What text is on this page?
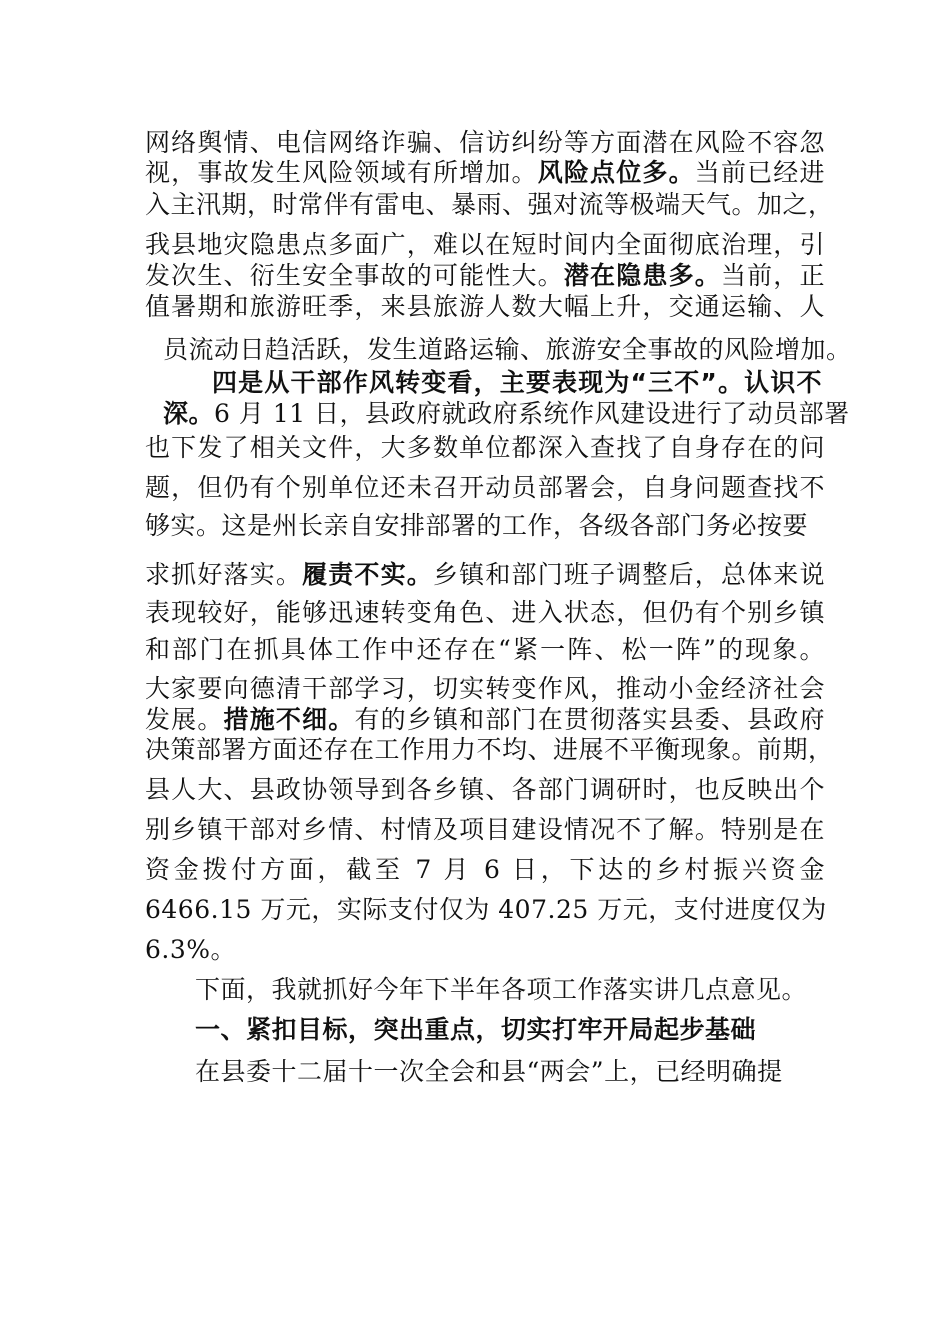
网络舆情、电信网络诈骗、信访纠纷等方面潜在风险不容忽
视，事故发生风险领域有所增加。风险点位多。当前已经进
入主汛期，时常伴有雷电、暴雨、强对流等极端天气。加之，
我县地灾隐患点多面广，难以在短时间内全面彻底治理，引
发次生、衍生安全事故的可能性大。潜在隐患多。当前，正
值暑期和旅游旺季，来县旅游人数大幅上升，交通运输、人
员流动日趋活跃，发生道路运输、旅游安全事故的风险增加。
四是从干部作风转变看，主要表现为“三不”。认识不
深。6 月 11 日，县政府就政府系统作风建设进行了动员部署
也下发了相关文件，大多数单位都深入查找了自身存在的问
题，但仍有个别单位还未召开动员部署会，自身问题查找不
够实。这是州长亲自安排部署的工作，各级各部门务必按要
求抓好落实。履责不实。乡镇和部门班子调整后，总体来说
表现较好，能够迅速转变角色、进入状态，但仍有个别乡镇
和部门在抓具体工作中还存在“紧一阵、松一阵”的现象。
大家要向德清干部学习，切实转变作风，推动小金经济社会
发展。措施不细。有的乡镇和部门在贯彻落实县委、县政府
决策部署方面还存在工作用力不均、进展不平衡现象。前期，
县人大、县政协领导到各乡镇、各部门调研时，也反映出个
别乡镇干部对乡情、村情及项目建设情况不了解。特别是在
资金拨付方面，截至 7 月 6 日，下达的乡村振兴资金
6466.15 万元，实际支付仅为 407.25 万元，支付进度仅为
6.3%。
下面，我就抓好今年下半年各项工作落实讲几点意见。
一、紧扣目标，突出重点，切实打牢开局起步基础
在县委十二届十一次全会和县“两会”上，已经明确提
